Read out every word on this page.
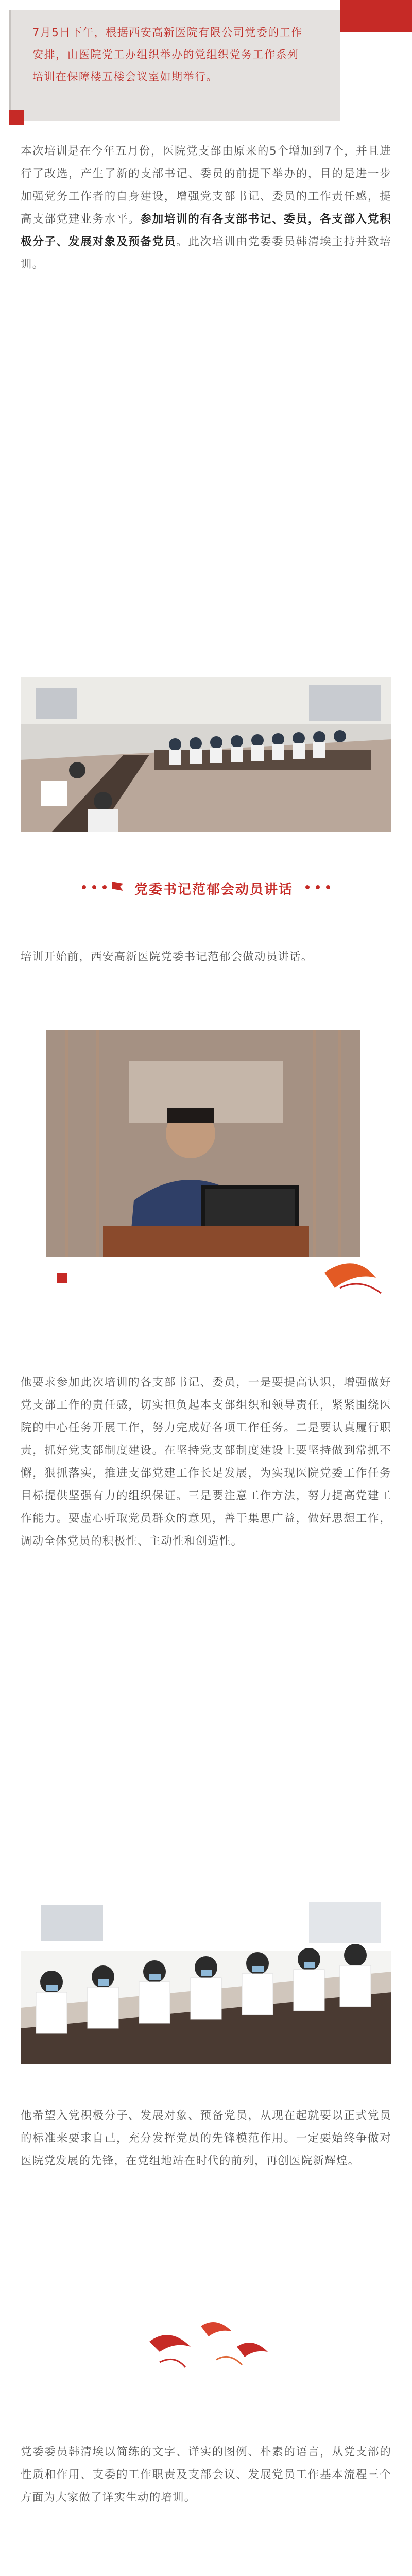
7月5日下午，根据西安高新医院有限公司党委的工作安排，由医院党工办组织举办的党组织党务工作系列培训在保障楼五楼会议室如期举行。
本次培训是在今年五月份，医院党支部由原来的5个增加到7个，并且进行了改选，产生了新的支部书记、委员的前提下举办的，目的是进一步加强党务工作者的自身建设，增强党支部书记、委员的工作责任感，提高支部党建业务水平。参加培训的有各支部书记、委员，各支部入党积极分子、发展对象及预备党员。此次培训由党委委员韩清埃主持并致培训。
党委书记范郁会动员讲话
培训开始前，西安高新医院党委书记范郁会做动员讲话。
他要求参加此次培训的各支部书记、委员，一是要提高认识，增强做好党支部工作的责任感，切实担负起本支部组织和领导责任，紧紧围绕医院的中心任务开展工作，努力完成好各项工作任务。二是要认真履行职责，抓好党支部制度建设。在坚持党支部制度建设上要坚持做到常抓不懈，狠抓落实，推进支部党建工作长足发展，为实现医院党委工作任务目标提供坚强有力的组织保证。三是要注意工作方法，努力提高党建工作能力。要虚心听取党员群众的意见，善于集思广益，做好思想工作，调动全体党员的积极性、主动性和创造性。
他希望入党积极分子、发展对象、预备党员，从现在起就要以正式党员的标准来要求自己，充分发挥党员的先锋模范作用。一定要始终争做对医院党发展的先锋，在党组地站在时代的前列，再创医院新辉煌。
党委委员韩清埃以简练的文字、详实的图例、朴素的语言，从党支部的性质和作用、支委的工作职责及支部会议、发展党员工作基本流程三个方面为大家做了详实生动的培训。
